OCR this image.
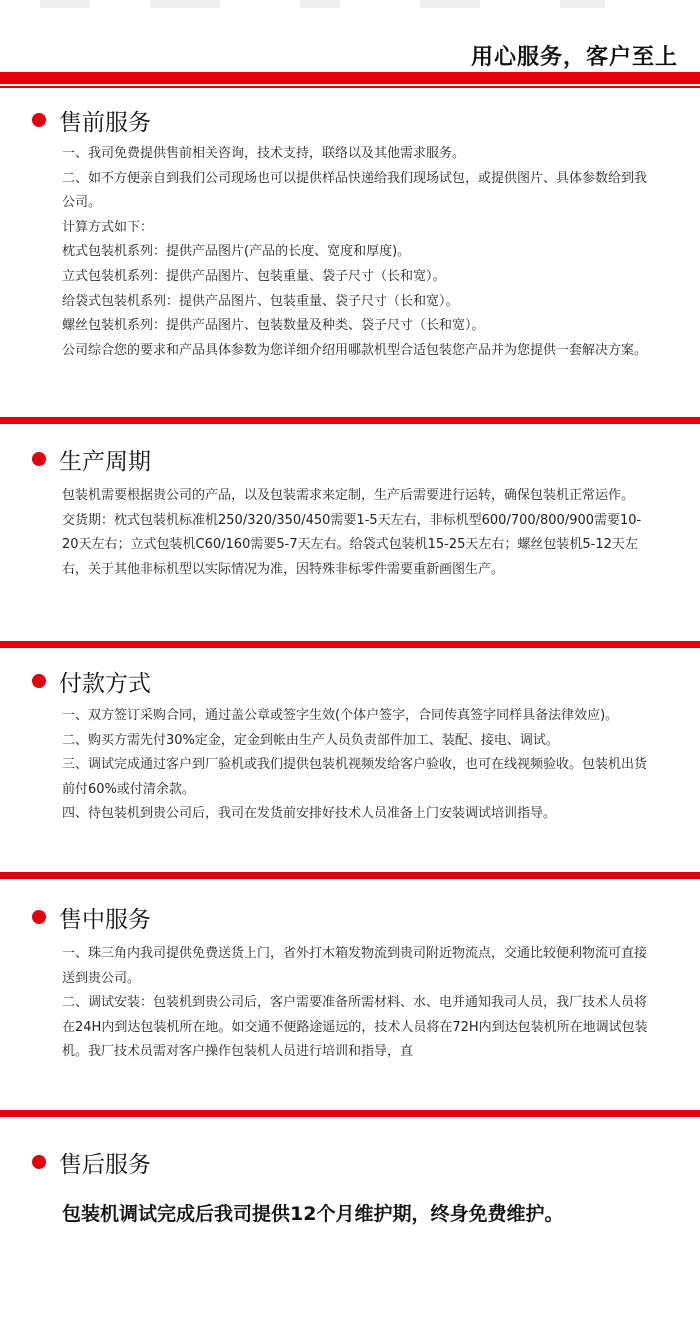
用心服务，客户至上
售前服务

一、我司免费提供售前相关咨询，技术支持，联络以及其他需求服务。

二、如不方便亲自到我们公司现场也可以提供样品快递给我们现场试包，或提供图片、具体参数给到我公司。

计算方式如下：

枕式包装机系列：提供产品图片(产品的长度、宽度和厚度)。

立式包装机系列：提供产品图片、包装重量、袋子尺寸（长和宽）。

给袋式包装机系列：提供产品图片、包装重量、袋子尺寸（长和宽）。

螺丝包装机系列：提供产品图片、包装数量及种类、袋子尺寸（长和宽）。

公司综合您的要求和产品具体参数为您详细介绍用哪款机型合适包装您产品并为您提供一套解决方案。

生产周期

包装机需要根据贵公司的产品，以及包装需求来定制，生产后需要进行运转，确保包装机正常运作。

交货期：枕式包装机标准机250/320/350/450需要1-5天左右，非标机型600/700/800/900需要10-20天左右；立式包装机C60/160需要5-7天左右。给袋式包装机15-25天左右；螺丝包装机5-12天左右，关于其他非标机型以实际情况为准，因特殊非标零件需要重新画图生产。

付款方式

一、双方签订采购合同，通过盖公章或签字生效(个体户签字，合同传真签字同样具备法律效应)。

二、购买方需先付30%定金，定金到帐由生产人员负责部件加工、装配、接电、调试。

三、调试完成通过客户到厂验机或我们提供包装机视频发给客户验收，也可在线视频验收。包装机出货前付60%或付清余款。

四、待包装机到贵公司后，我司在发货前安排好技术人员准备上门安装调试培训指导。

售中服务

一、珠三角内我司提供免费送货上门，省外打木箱发物流到贵司附近物流点，交通比较便利物流可直接送到贵公司。

二、调试安装：包装机到贵公司后，客户需要准备所需材料、水、电并通知我司人员，我厂技术人员将在24H内到达包装机所在地。如交通不便路途遥远的，技术人员将在72H内到达包装机所在地调试包装机。我厂技术员需对客户操作包装机人员进行培训和指导，直

售后服务

包装机调试完成后我司提供12个月维护期，终身免费维护。
